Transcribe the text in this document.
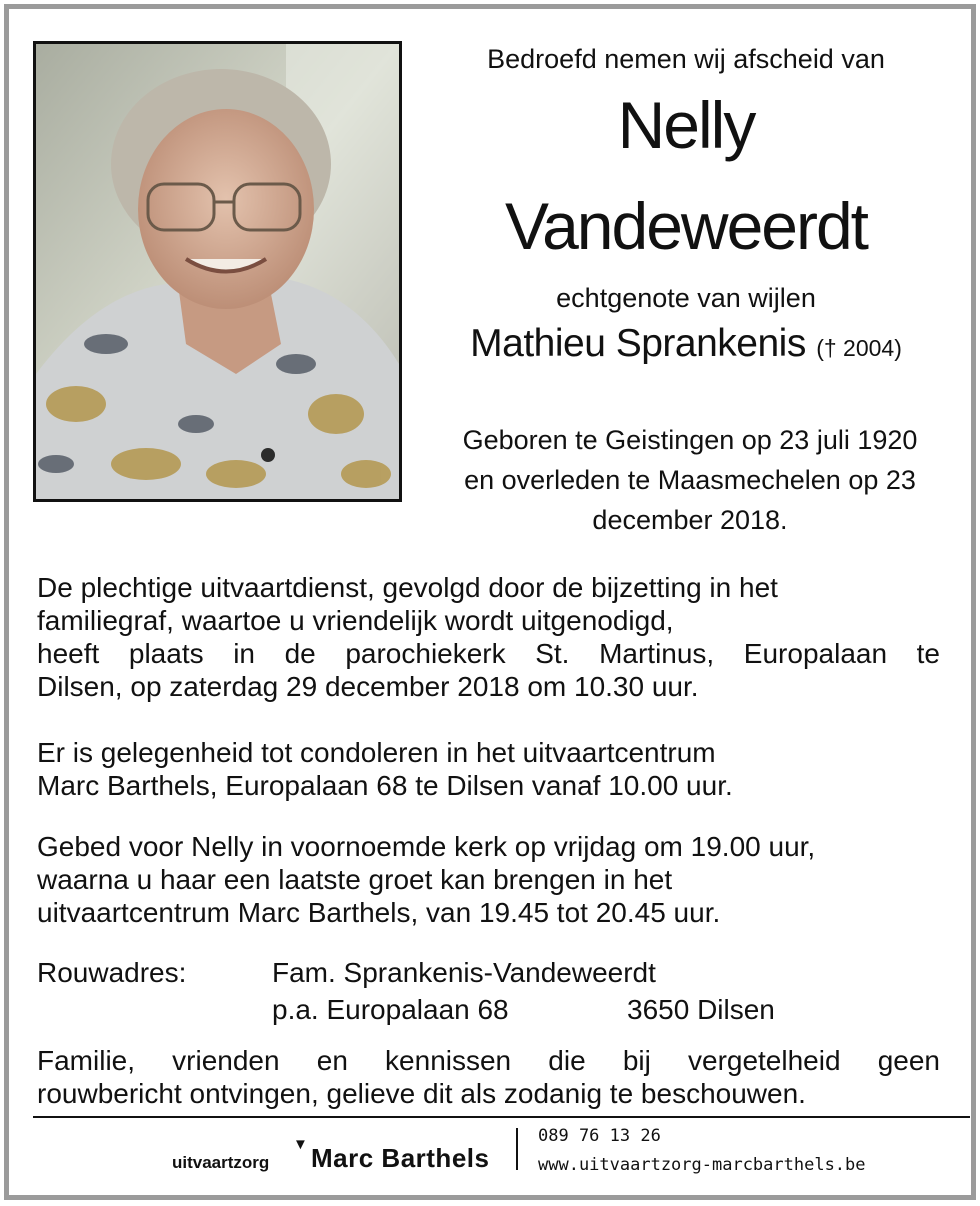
Bedroefd nemen wij afscheid van

Nelly

Vandeweerdt

echtgenote van wijlen

Mathieu Sprankenis († 2004)

Geboren te Geistingen op 23 juli 1920
en overleden te Maasmechelen op 23
december 2018.
De plechtige uitvaartdienst, gevolgd door de bijzetting in het
familiegraf, waartoe u vriendelijk wordt uitgenodigd,
heeft plaats in de parochiekerk St. Martinus, Europalaan te
Dilsen, op zaterdag 29 december 2018 om 10.30 uur.
Er is gelegenheid tot condoleren in het uitvaartcentrum
Marc Barthels, Europalaan 68 te Dilsen vanaf 10.00 uur.
Gebed voor Nelly in voornoemde kerk op vrijdag om 19.00 uur,
waarna u haar een laatste groet kan brengen in het
uitvaartcentrum Marc Barthels, van 19.45 tot 20.45 uur.
Rouwadres:	Fam. Sprankenis-Vandeweerdt
p.a. Europalaan 68	3650 Dilsen
Familie, vrienden en kennissen die bij vergetelheid geen
rouwbericht ontvingen, gelieve dit als zodanig te beschouwen.
uitvaartzorg
▼ Marc Barthels
089 76 13 26
www.uitvaartzorg-marcbarthels.be
